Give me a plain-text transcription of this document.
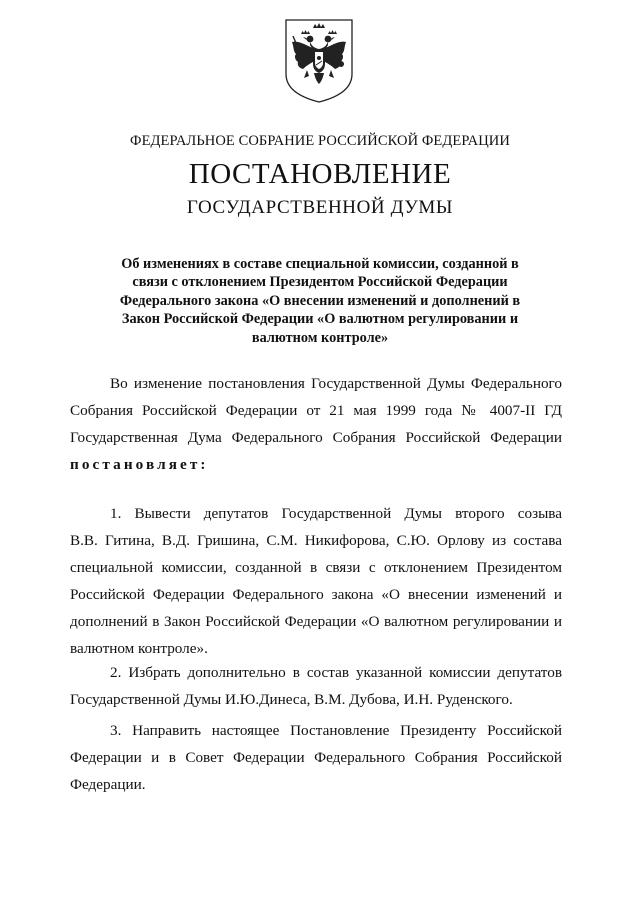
ФЕДЕРАЛЬНОЕ СОБРАНИЕ РОССИЙСКОЙ ФЕДЕРАЦИИ
ПОСТАНОВЛЕНИЕ
ГОСУДАРСТВЕННОЙ ДУМЫ
Об изменениях в составе специальной комиссии, созданной в
связи с отклонением Президентом Российской Федерации
Федерального закона «О внесении изменений и дополнений в
Закон Российской Федерации «О валютном регулировании и
валютном контроле»
Во изменение постановления Государственной Думы Федерального
Собрания Российской Федерации от 21 мая 1999 года № 4007-II ГД
Государственная Дума Федерального Собрания Российской Федерации
постановляет:
1. Вывести депутатов Государственной Думы второго созыва
В.В. Гитина, В.Д. Гришина, С.М. Никифорова, С.Ю. Орлову из состава
специальной комиссии, созданной в связи с отклонением Президентом
Российской Федерации Федерального закона «О внесении изменений и
дополнений в Закон Российской Федерации «О валютном регулировании и
валютном контроле».
2. Избрать дополнительно в состав указанной комиссии депутатов
Государственной Думы И.Ю.Динеса, В.М. Дубова, И.Н. Руденского.
3. Направить настоящее Постановление Президенту Российской
Федерации и в Совет Федерации Федерального Собрания Российской
Федерации.
